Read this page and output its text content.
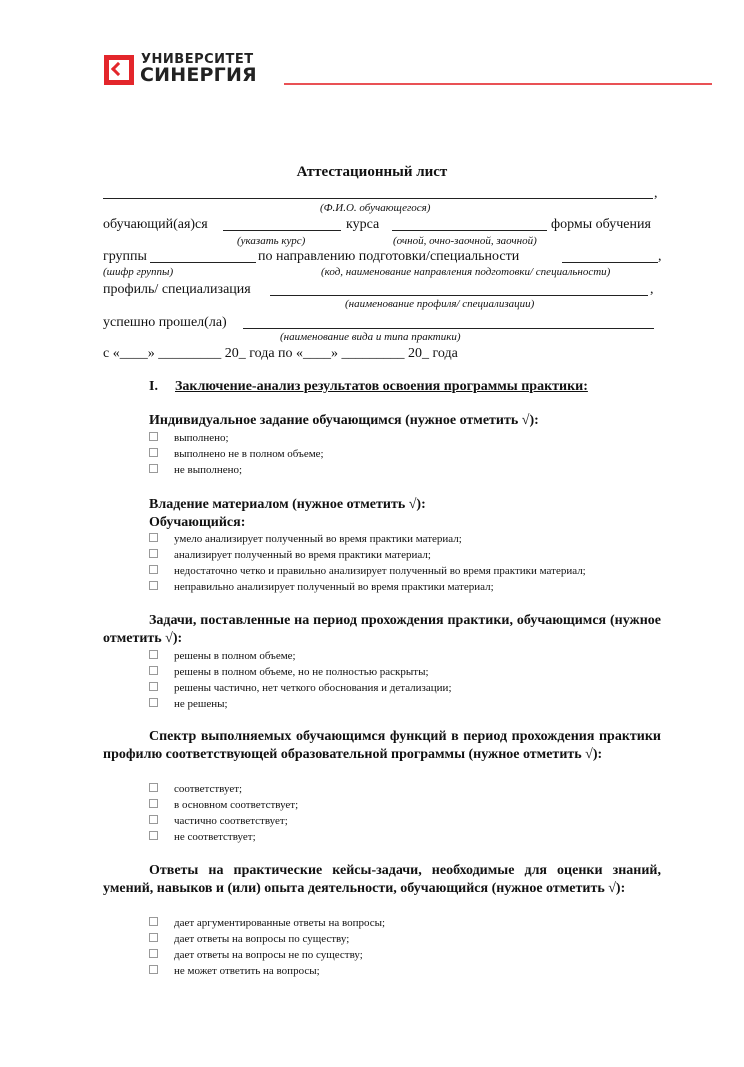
УНИВЕРСИТЕТ
СИНЕРГИЯ
Аттестационный лист
,
(Ф.И.О. обучающегося)
обучающий(ая)ся	курса	формы обучения
(указать курс)	(очной, очно-заочной, заочной)
группы	по направлению подготовки/специальности	,
(шифр группы)	(код, наименование направления подготовки/ специальности)
профиль/ специализация	,
(наименование профиля/ специализации)
успешно прошел(ла)
(наименование вида и типа практики)
с «____» _________ 20_ года по «____» _________ 20_ года
I. Заключение-анализ результатов освоения программы практики:
Индивидуальное задание обучающимся (нужное отметить √):
выполнено;
выполнено не в полном объеме;
не выполнено;
Владение материалом (нужное отметить √):
Обучающийся:
умело анализирует полученный во время практики материал;
анализирует полученный во время практики материал;
недостаточно четко и правильно анализирует полученный во время практики материал;
неправильно анализирует полученный во время практики материал;
Задачи, поставленные на период прохождения практики, обучающимся (нужное отметить √):
решены в полном объеме;
решены в полном объеме, но не полностью раскрыты;
решены частично, нет четкого обоснования и детализации;
не решены;
Спектр выполняемых обучающимся функций в период прохождения практики профилю соответствующей образовательной программы (нужное отметить √):
соответствует;
в основном соответствует;
частично соответствует;
не соответствует;
Ответы на практические кейсы-задачи, необходимые для оценки знаний, умений, навыков и (или) опыта деятельности, обучающийся (нужное отметить √):
дает аргументированные ответы на вопросы;
дает ответы на вопросы по существу;
дает ответы на вопросы не по существу;
не может ответить на вопросы;
